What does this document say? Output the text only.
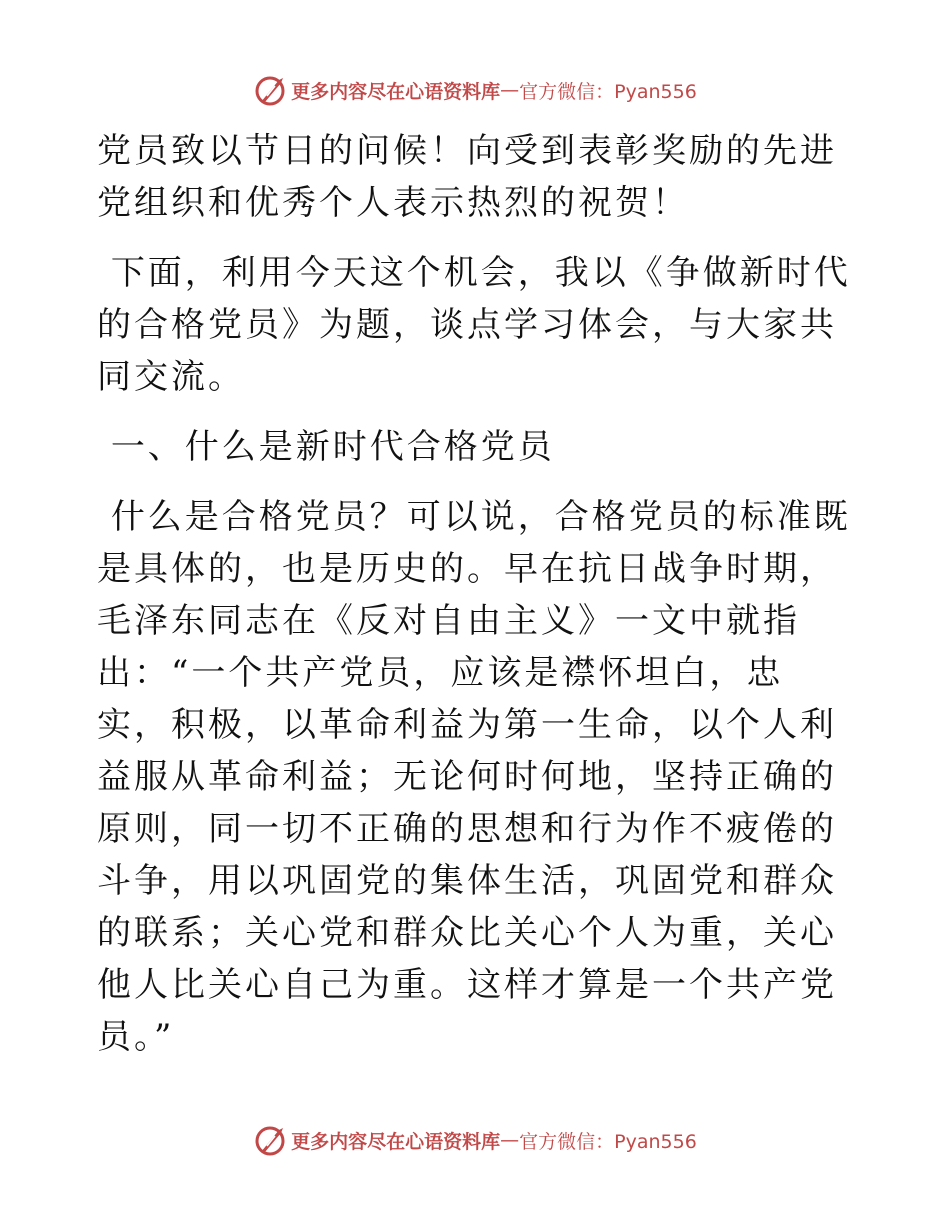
更多内容尽在心语资料库 — 官方微信：Pyan556

党员致以节日的问候！向受到表彰奖励的先进党组织和优秀个人表示热烈的祝贺！

下面，利用今天这个机会，我以《争做新时代的合格党员》为题，谈点学习体会，与大家共同交流。

一、什么是新时代合格党员

什么是合格党员？可以说，合格党员的标准既是具体的，也是历史的。早在抗日战争时期，毛泽东同志在《反对自由主义》一文中就指出：“一个共产党员，应该是襟怀坦白，忠实，积极，以革命利益为第一生命，以个人利益服从革命利益；无论何时何地，坚持正确的原则，同一切不正确的思想和行为作不疲倦的斗争，用以巩固党的集体生活，巩固党和群众的联系；关心党和群众比关心个人为重，关心他人比关心自己为重。这样才算是一个共产党员。”

更多内容尽在心语资料库 — 官方微信：Pyan556
